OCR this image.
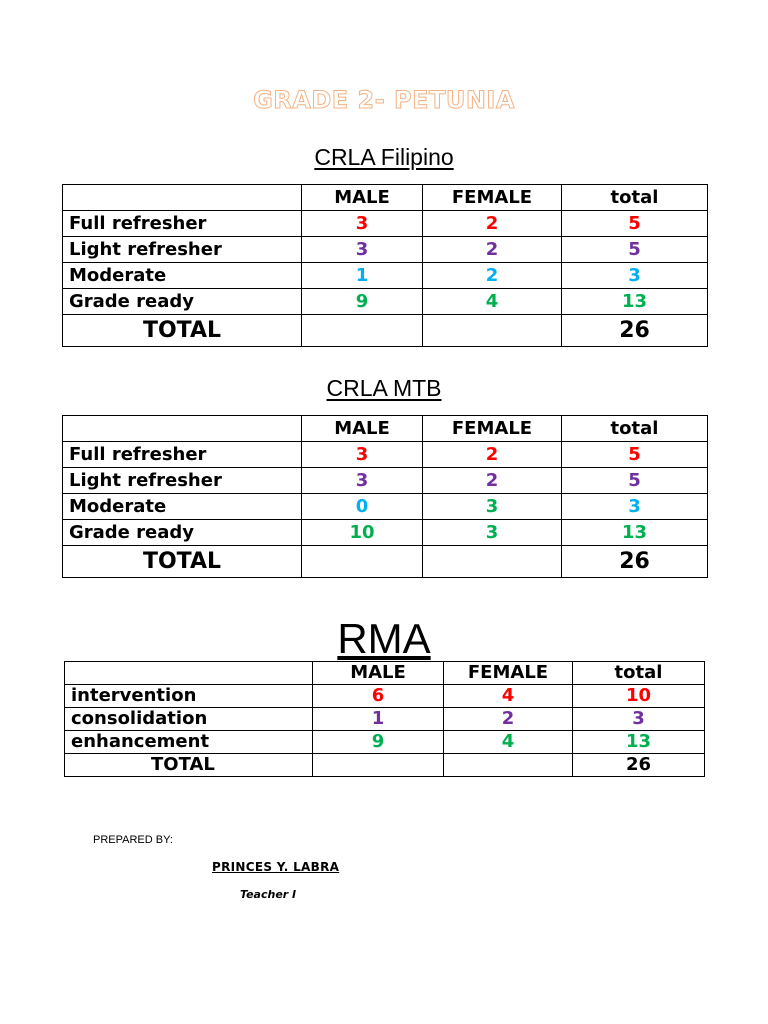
GRADE 2- PETUNIA
CRLA Filipino
	MALE	FEMALE	total
Full refresher	3	2	5
Light refresher	3	2	5
Moderate	1	2	3
Grade ready	9	4	13
TOTAL			26
CRLA MTB
	MALE	FEMALE	total
Full refresher	3	2	5
Light refresher	3	2	5
Moderate	0	3	3
Grade ready	10	3	13
TOTAL			26
RMA
	MALE	FEMALE	total
intervention	6	4	10
consolidation	1	2	3
enhancement	9	4	13
TOTAL			26
PREPARED BY:
PRINCES Y. LABRA
Teacher I
